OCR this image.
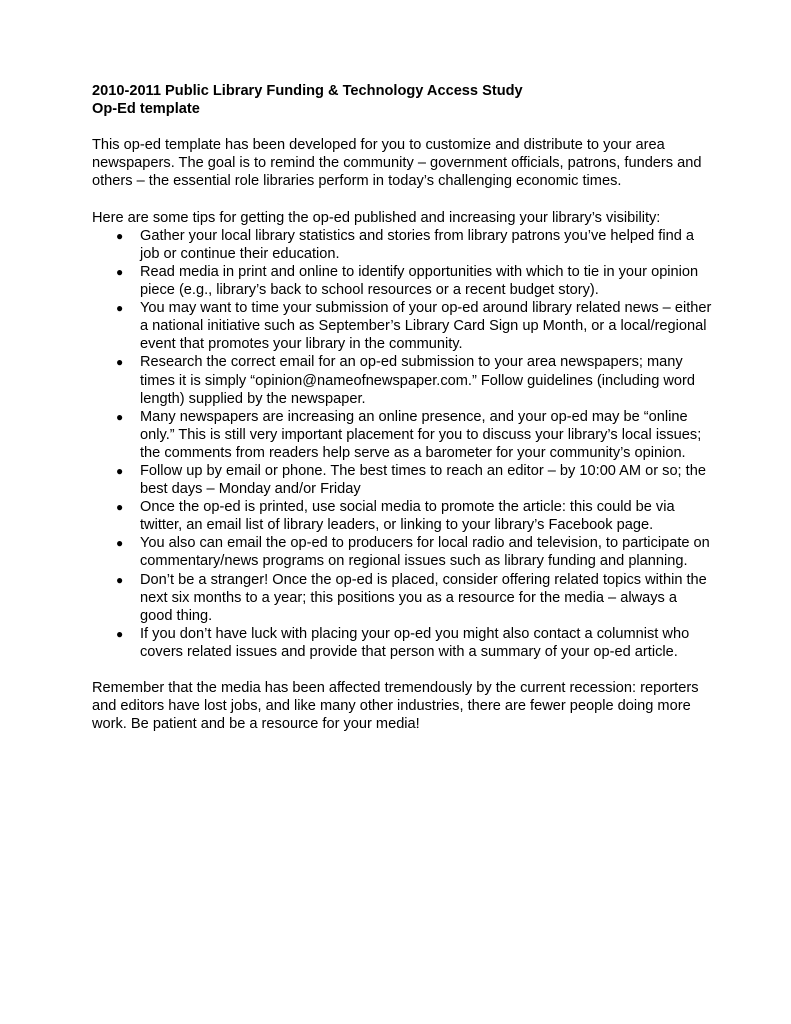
2010-2011 Public Library Funding & Technology Access Study

Op-Ed template

This op-ed template has been developed for you to customize and distribute to your area newspapers. The goal is to remind the community – government officials, patrons, funders and others – the essential role libraries perform in today’s challenging economic times.

Here are some tips for getting the op-ed published and increasing your library’s visibility:

● Gather your local library statistics and stories from library patrons you’ve helped find a job or continue their education.
● Read media in print and online to identify opportunities with which to tie in your opinion piece (e.g., library’s back to school resources or a recent budget story).
● You may want to time your submission of your op-ed around library related news – either a national initiative such as September’s Library Card Sign up Month, or a local/regional event that promotes your library in the community.
● Research the correct email for an op-ed submission to your area newspapers; many times it is simply “opinion@nameofnewspaper.com.” Follow guidelines (including word length) supplied by the newspaper.
● Many newspapers are increasing an online presence, and your op-ed may be “online only.” This is still very important placement for you to discuss your library’s local issues; the comments from readers help serve as a barometer for your community’s opinion.
● Follow up by email or phone. The best times to reach an editor – by 10:00 AM or so; the best days – Monday and/or Friday
● Once the op-ed is printed, use social media to promote the article: this could be via twitter, an email list of library leaders, or linking to your library’s Facebook page.
● You also can email the op-ed to producers for local radio and television, to participate on commentary/news programs on regional issues such as library funding and planning.
● Don’t be a stranger! Once the op-ed is placed, consider offering related topics within the next six months to a year; this positions you as a resource for the media – always a good thing.
● If you don’t have luck with placing your op-ed you might also contact a columnist who covers related issues and provide that person with a summary of your op-ed article.

Remember that the media has been affected tremendously by the current recession: reporters and editors have lost jobs, and like many other industries, there are fewer people doing more work. Be patient and be a resource for your media!
